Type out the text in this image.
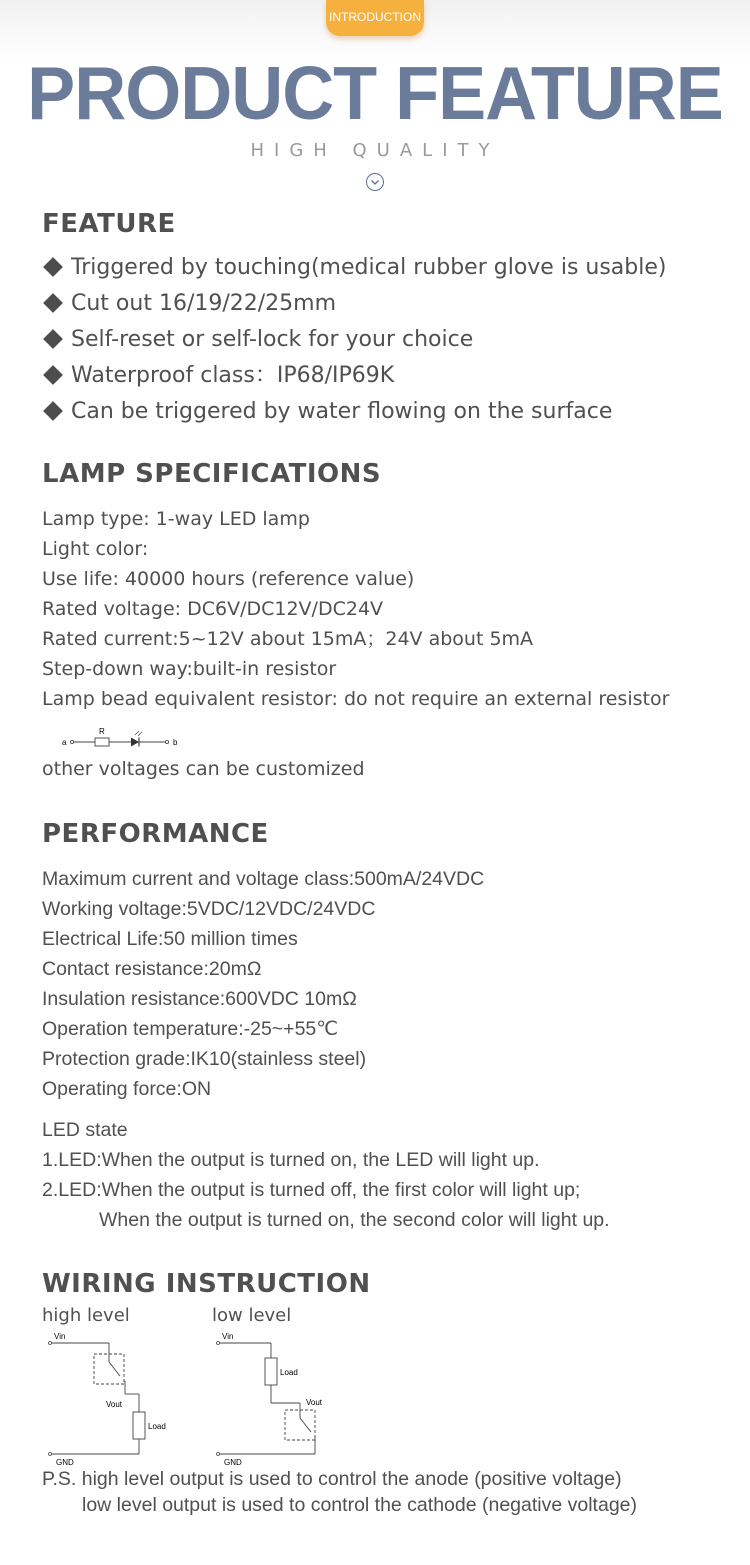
INTRODUCTION
PRODUCT FEATURE
HIGH QUALITY
FEATURE
Triggered by touching(medical rubber glove is usable)
Cut out 16/19/22/25mm
Self-reset or self-lock for your choice
Waterproof class：IP68/IP69K
Can be triggered by water flowing on the surface
LAMP SPECIFICATIONS
Lamp type: 1-way LED lamp
Light color:
Use life: 40000 hours (reference value)
Rated voltage: DC6V/DC12V/DC24V
Rated current:5~12V about 15mA；24V about 5mA
Step-down way:built-in resistor
Lamp bead equivalent resistor: do not require an external resistor
a
R
b
other voltages can be customized
PERFORMANCE
Maximum current and voltage class:500mA/24VDC
Working voltage:5VDC/12VDC/24VDC
Electrical Life:50 million times
Contact resistance:20mΩ
Insulation resistance:600VDC 10mΩ
Operation temperature:-25~+55℃
Protection grade:IK10(stainless steel)
Operating force:ON
LED state
1.LED:When the output is turned on, the LED will light up.
2.LED:When the output is turned off, the first color will light up;
When the output is turned on, the second color will light up.
WIRING INSTRUCTION
high level	low level
Vin
Vout
Load
GND
Vin
Load
Vout
GND
P.S. high level output is used to control the anode (positive voltage)
low level output is used to control the cathode (negative voltage)
